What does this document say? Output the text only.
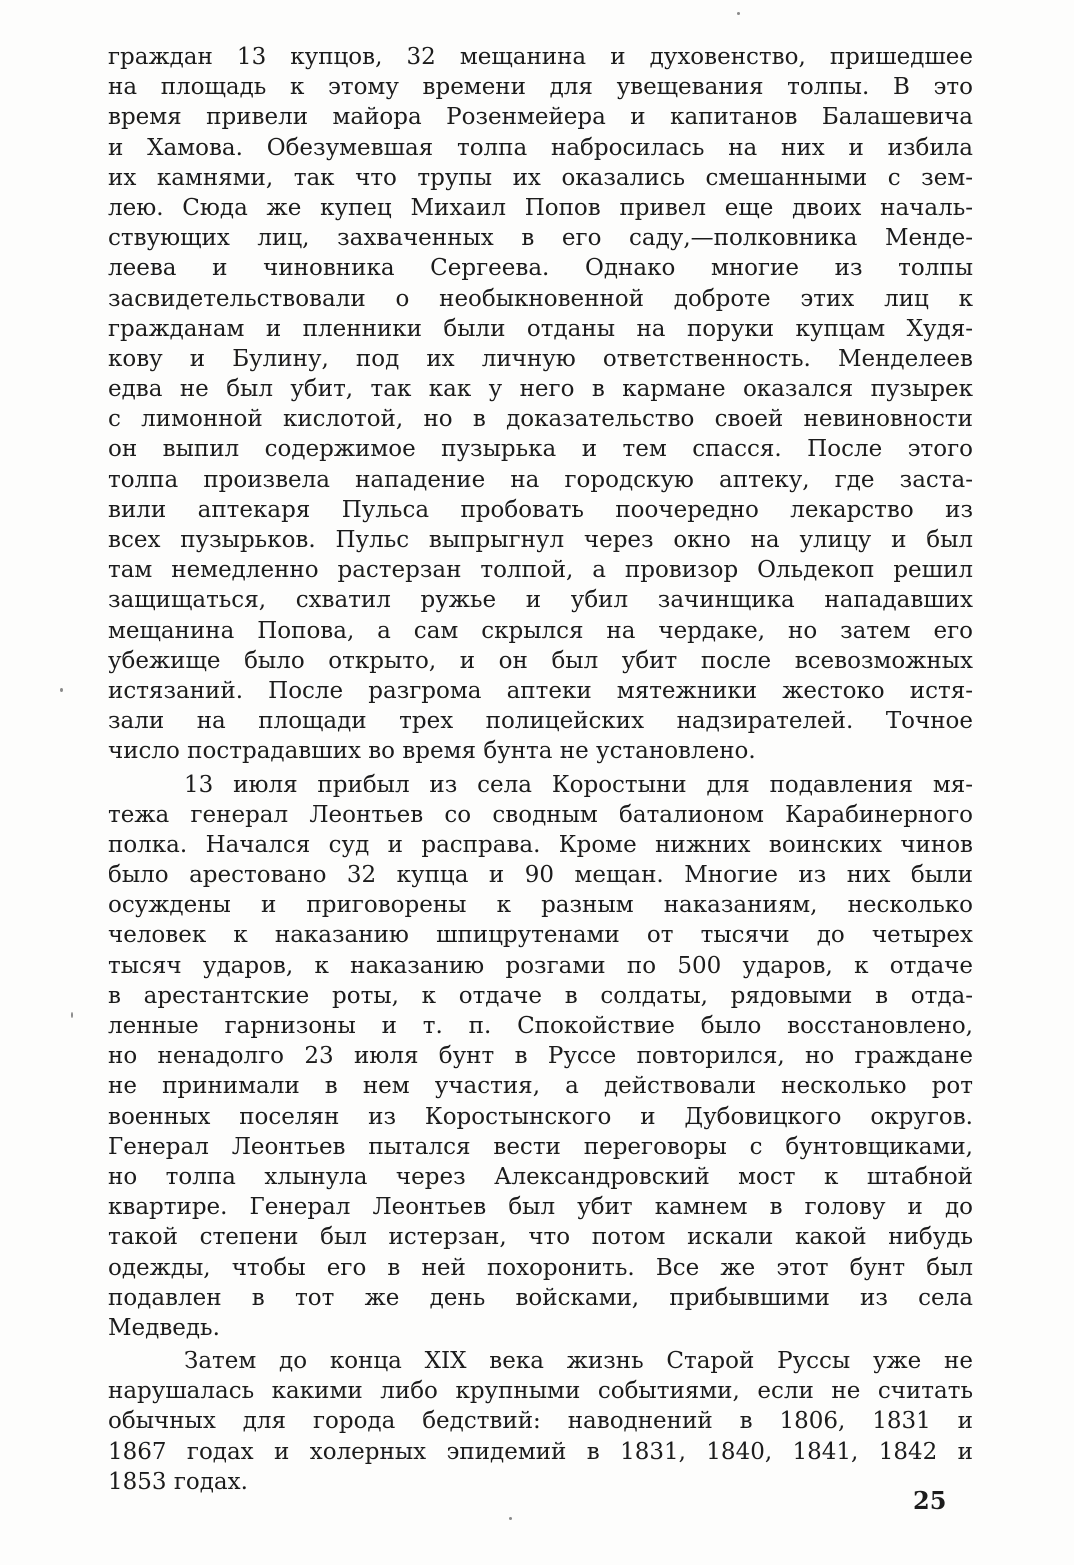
граждан 13 купцов, 32 мещанина и духовенство, пришедшее
на площадь к этому времени для увещевания толпы. В это
время привели майора Розенмейера и капитанов Балашевича
и Хамова. Обезумевшая толпа набросилась на них и избила
их камнями, так что трупы их оказались смешанными с зем-
лею. Сюда же купец Михаил Попов привел еще двоих началь-
ствующих лиц, захваченных в его саду,—полковника Менде-
леева и чиновника Сергеева. Однако многие из толпы
засвидетельствовали о необыкновенной доброте этих лиц к
гражданам и пленники были отданы на поруки купцам Худя-
кову и Булину, под их личную ответственность. Менделеев
едва не был убит, так как у него в кармане оказался пузырек
с лимонной кислотой, но в доказательство своей невиновности
он выпил содержимое пузырька и тем спасся. После этого
толпа произвела нападение на городскую аптеку, где заста-
вили аптекаря Пульса пробовать поочередно лекарство из
всех пузырьков. Пульс выпрыгнул через окно на улицу и был
там немедленно растерзан толпой, а провизор Ольдекоп решил
защищаться, схватил ружье и убил зачинщика нападавших
мещанина Попова, а сам скрылся на чердаке, но затем его
убежище было открыто, и он был убит после всевозможных
истязаний. После разгрома аптеки мятежники жестоко истя-
зали на площади трех полицейских надзирателей. Точное
число пострадавших во время бунта не установлено.
13 июля прибыл из села Коростыни для подавления мя-
тежа генерал Леонтьев со сводным баталионом Карабинерного
полка. Начался суд и расправа. Кроме нижних воинских чинов
было арестовано 32 купца и 90 мещан. Многие из них были
осуждены и приговорены к разным наказаниям, несколько
человек к наказанию шпицрутенами от тысячи до четырех
тысяч ударов, к наказанию розгами по 500 ударов, к отдаче
в арестантские роты, к отдаче в солдаты, рядовыми в отда-
ленные гарнизоны и т. п. Спокойствие было восстановлено,
но ненадолго 23 июля бунт в Руссе повторился, но граждане
не принимали в нем участия, а действовали несколько рот
военных поселян из Коростынского и Дубовицкого округов.
Генерал Леонтьев пытался вести переговоры с бунтовщиками,
но толпа хлынула через Александровский мост к штабной
квартире. Генерал Леонтьев был убит камнем в голову и до
такой степени был истерзан, что потом искали какой нибудь
одежды, чтобы его в ней похоронить. Все же этот бунт был
подавлен в тот же день войсками, прибывшими из села
Медведь.
Затем до конца XIX века жизнь Старой Руссы уже не
нарушалась какими либо крупными событиями, если не считать
обычных для города бедствий: наводнений в 1806, 1831 и
1867 годах и холерных эпидемий в 1831, 1840, 1841, 1842 и
1853 годах.
25
